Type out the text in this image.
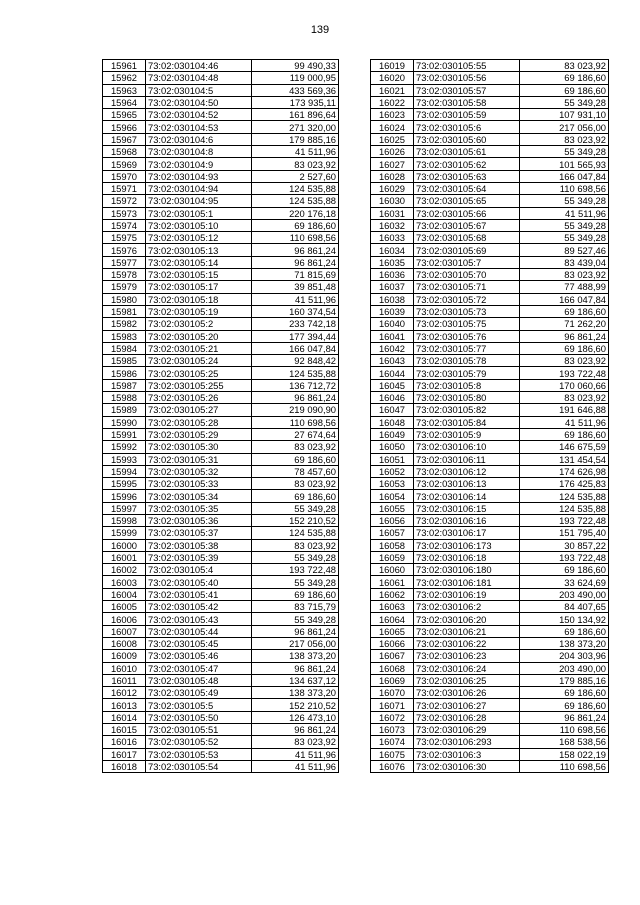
139
15961	73:02:030104:46	99 490,33
15962	73:02:030104:48	119 000,95
15963	73:02:030104:5	433 569,36
15964	73:02:030104:50	173 935,11
15965	73:02:030104:52	161 896,64
15966	73:02:030104:53	271 320,00
15967	73:02:030104:6	179 885,16
15968	73:02:030104:8	41 511,96
15969	73:02:030104:9	83 023,92
15970	73:02:030104:93	2 527,60
15971	73:02:030104:94	124 535,88
15972	73:02:030104:95	124 535,88
15973	73:02:030105:1	220 176,18
15974	73:02:030105:10	69 186,60
15975	73:02:030105:12	110 698,56
15976	73:02:030105:13	96 861,24
15977	73:02:030105:14	96 861,24
15978	73:02:030105:15	71 815,69
15979	73:02:030105:17	39 851,48
15980	73:02:030105:18	41 511,96
15981	73:02:030105:19	160 374,54
15982	73:02:030105:2	233 742,18
15983	73:02:030105:20	177 394,44
15984	73:02:030105:21	166 047,84
15985	73:02:030105:24	92 848,42
15986	73:02:030105:25	124 535,88
15987	73:02:030105:255	136 712,72
15988	73:02:030105:26	96 861,24
15989	73:02:030105:27	219 090,90
15990	73:02:030105:28	110 698,56
15991	73:02:030105:29	27 674,64
15992	73:02:030105:30	83 023,92
15993	73:02:030105:31	69 186,60
15994	73:02:030105:32	78 457,60
15995	73:02:030105:33	83 023,92
15996	73:02:030105:34	69 186,60
15997	73:02:030105:35	55 349,28
15998	73:02:030105:36	152 210,52
15999	73:02:030105:37	124 535,88
16000	73:02:030105:38	83 023,92
16001	73:02:030105:39	55 349,28
16002	73:02:030105:4	193 722,48
16003	73:02:030105:40	55 349,28
16004	73:02:030105:41	69 186,60
16005	73:02:030105:42	83 715,79
16006	73:02:030105:43	55 349,28
16007	73:02:030105:44	96 861,24
16008	73:02:030105:45	217 056,00
16009	73:02:030105:46	138 373,20
16010	73:02:030105:47	96 861,24
16011	73:02:030105:48	134 637,12
16012	73:02:030105:49	138 373,20
16013	73:02:030105:5	152 210,52
16014	73:02:030105:50	126 473,10
16015	73:02:030105:51	96 861,24
16016	73:02:030105:52	83 023,92
16017	73:02:030105:53	41 511,96
16018	73:02:030105:54	41 511,96
16019	73:02:030105:55	83 023,92
16020	73:02:030105:56	69 186,60
16021	73:02:030105:57	69 186,60
16022	73:02:030105:58	55 349,28
16023	73:02:030105:59	107 931,10
16024	73:02:030105:6	217 056,00
16025	73:02:030105:60	83 023,92
16026	73:02:030105:61	55 349,28
16027	73:02:030105:62	101 565,93
16028	73:02:030105:63	166 047,84
16029	73:02:030105:64	110 698,56
16030	73:02:030105:65	55 349,28
16031	73:02:030105:66	41 511,96
16032	73:02:030105:67	55 349,28
16033	73:02:030105:68	55 349,28
16034	73:02:030105:69	89 527,46
16035	73:02:030105:7	83 439,04
16036	73:02:030105:70	83 023,92
16037	73:02:030105:71	77 488,99
16038	73:02:030105:72	166 047,84
16039	73:02:030105:73	69 186,60
16040	73:02:030105:75	71 262,20
16041	73:02:030105:76	96 861,24
16042	73:02:030105:77	69 186,60
16043	73:02:030105:78	83 023,92
16044	73:02:030105:79	193 722,48
16045	73:02:030105:8	170 060,66
16046	73:02:030105:80	83 023,92
16047	73:02:030105:82	191 646,88
16048	73:02:030105:84	41 511,96
16049	73:02:030105:9	69 186,60
16050	73:02:030106:10	146 675,59
16051	73:02:030106:11	131 454,54
16052	73:02:030106:12	174 626,98
16053	73:02:030106:13	176 425,83
16054	73:02:030106:14	124 535,88
16055	73:02:030106:15	124 535,88
16056	73:02:030106:16	193 722,48
16057	73:02:030106:17	151 795,40
16058	73:02:030106:173	30 857,22
16059	73:02:030106:18	193 722,48
16060	73:02:030106:180	69 186,60
16061	73:02:030106:181	33 624,69
16062	73:02:030106:19	203 490,00
16063	73:02:030106:2	84 407,65
16064	73:02:030106:20	150 134,92
16065	73:02:030106:21	69 186,60
16066	73:02:030106:22	138 373,20
16067	73:02:030106:23	204 303,96
16068	73:02:030106:24	203 490,00
16069	73:02:030106:25	179 885,16
16070	73:02:030106:26	69 186,60
16071	73:02:030106:27	69 186,60
16072	73:02:030106:28	96 861,24
16073	73:02:030106:29	110 698,56
16074	73:02:030106:293	168 538,56
16075	73:02:030106:3	158 022,19
16076	73:02:030106:30	110 698,56
